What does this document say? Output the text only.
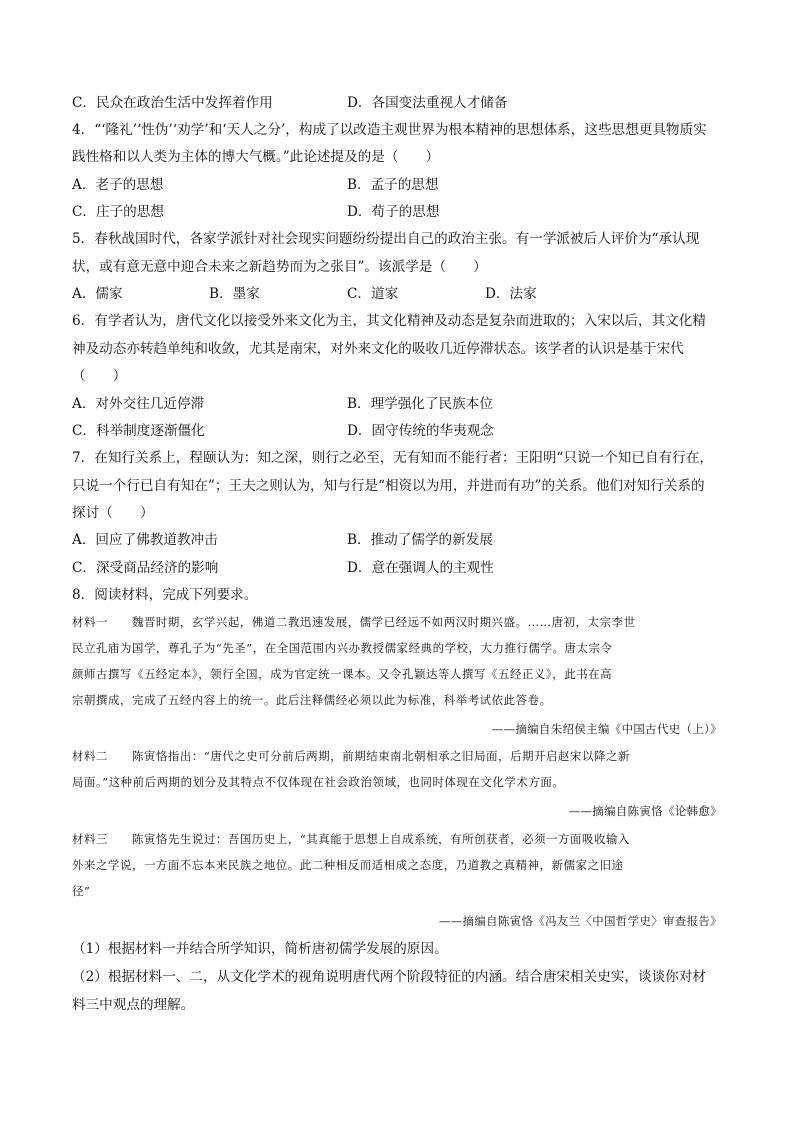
C．民众在政治生活中发挥着作用	D．各国变法重视人才储备
4．“‘隆礼’‘性伪’‘劝学’和‘天人之分’，构成了以改造主观世界为根本精神的思想体系，这些思想更具物质实
践性格和以人类为主体的博大气概。”此论述提及的是（　　）
A．老子的思想	B．孟子的思想
C．庄子的思想	D．荀子的思想
5．春秋战国时代，各家学派针对社会现实问题纷纷提出自己的政治主张。有一学派被后人评价为“承认现
状，或有意无意中迎合未来之新趋势而为之张目”。该派学是（　　）
A．儒家	B．墨家	C．道家	D．法家
6．有学者认为，唐代文化以接受外来文化为主，其文化精神及动态是复杂而进取的；入宋以后，其文化精
神及动态亦转趋单纯和收敛，尤其是南宋，对外来文化的吸收几近停滞状态。该学者的认识是基于宋代
（　　）
A．对外交往几近停滞	B．理学强化了民族本位
C．科举制度逐渐僵化	D．固守传统的华夷观念
7．在知行关系上，程颐认为：知之深，则行之必至，无有知而不能行者：王阳明“只说一个知已自有行在，
只说一个行已自有知在”；王夫之则认为，知与行是“相资以为用，并进而有功”的关系。他们对知行关系的
探讨（　　）
A．回应了佛教道教冲击	B．推动了儒学的新发展
C．深受商品经济的影响	D．意在强调人的主观性
8．阅读材料，完成下列要求。
材料一　　魏晋时期，玄学兴起，佛道二教迅速发展，儒学已经远不如两汉时期兴盛。……唐初，太宗李世
民立孔庙为国学，尊孔子为“先圣”，在全国范围内兴办教授儒家经典的学校，大力推行儒学。唐太宗令
颜师古撰写《五经定本》，领行全国，成为官定统一课本。又令孔颖达等人撰写《五经正义》，此书在高
宗朝撰成，完成了五经内容上的统一。此后注释儒经必须以此为标准，科举考试依此答卷。
——摘编自朱绍侯主编《中国古代史（上）》
材料二　　陈寅恪指出：“唐代之史可分前后两期，前期结束南北朝相承之旧局面，后期开启赵宋以降之新
局面。”这种前后两期的划分及其特点不仅体现在社会政治领域，也同时体现在文化学术方面。
——摘编自陈寅恪《论韩愈》
材料三　　陈寅恪先生说过：吾国历史上，“其真能于思想上自成系统，有所创获者，必须一方面吸收输入
外来之学说，一方面不忘本来民族之地位。此二种相反而适相成之态度，乃道教之真精神，新儒家之旧途
径”
——摘编自陈寅恪《冯友兰〈中国哲学史〉审查报告》
（1）根据材料一并结合所学知识，简析唐初儒学发展的原因。
（2）根据材料一、二，从文化学术的视角说明唐代两个阶段特征的内涵。结合唐宋相关史实，谈谈你对材
料三中观点的理解。
